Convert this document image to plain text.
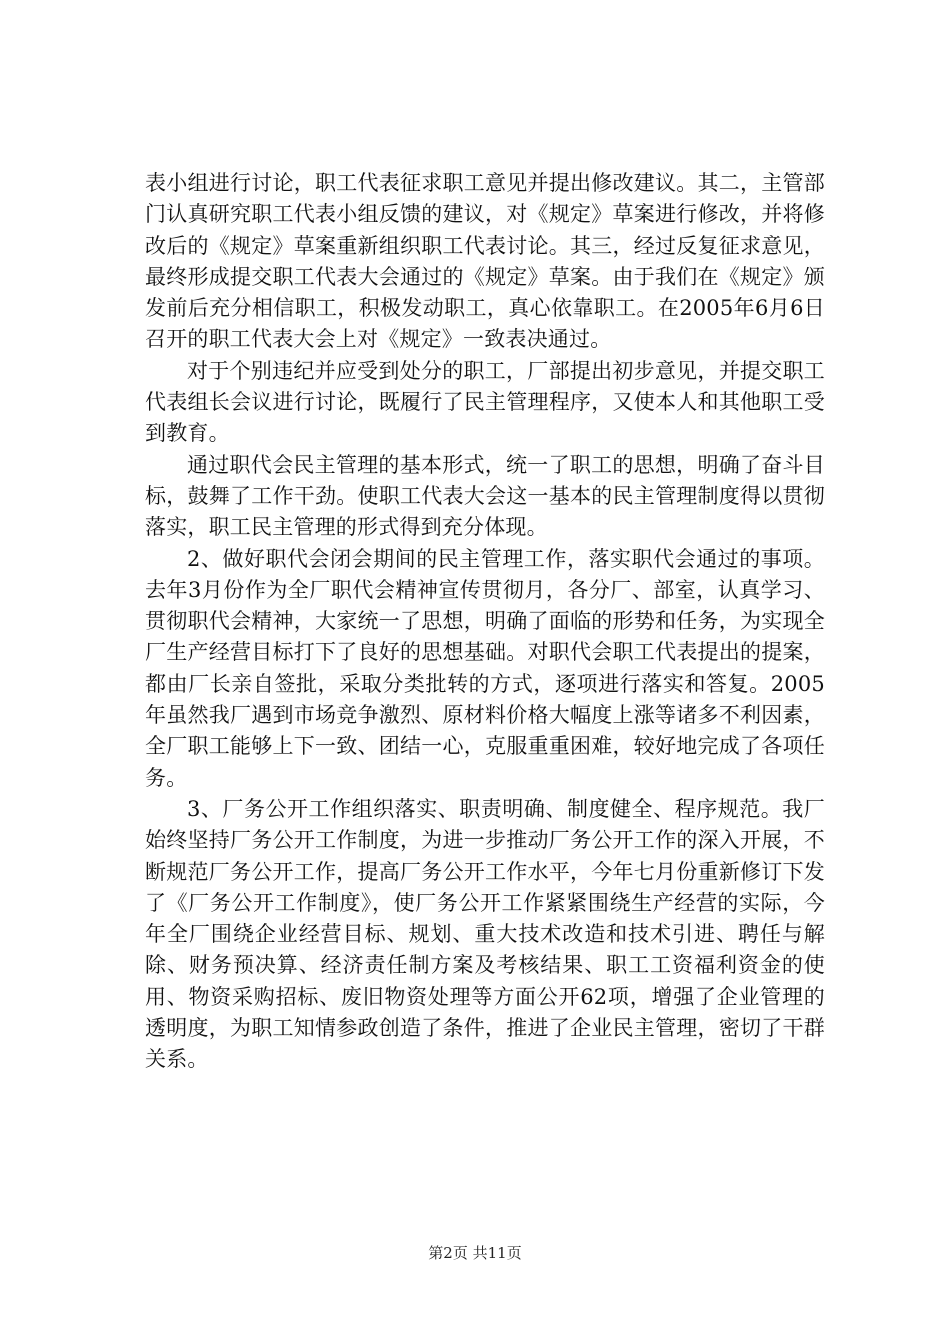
表小组进行讨论，职工代表征求职工意见并提出修改建议。其二，主管部门认真研究职工代表小组反馈的建议，对《规定》草案进行修改，并将修改后的《规定》草案重新组织职工代表讨论。其三，经过反复征求意见，最终形成提交职工代表大会通过的《规定》草案。由于我们在《规定》颁发前后充分相信职工，积极发动职工，真心依靠职工。在2005年6月6日召开的职工代表大会上对《规定》一致表决通过。

对于个别违纪并应受到处分的职工，厂部提出初步意见，并提交职工代表组长会议进行讨论，既履行了民主管理程序，又使本人和其他职工受到教育。

通过职代会民主管理的基本形式，统一了职工的思想，明确了奋斗目标，鼓舞了工作干劲。使职工代表大会这一基本的民主管理制度得以贯彻落实，职工民主管理的形式得到充分体现。

2、做好职代会闭会期间的民主管理工作，落实职代会通过的事项。去年3月份作为全厂职代会精神宣传贯彻月，各分厂、部室，认真学习、贯彻职代会精神，大家统一了思想，明确了面临的形势和任务，为实现全厂生产经营目标打下了良好的思想基础。对职代会职工代表提出的提案，都由厂长亲自签批，采取分类批转的方式，逐项进行落实和答复。2005年虽然我厂遇到市场竞争激烈、原材料价格大幅度上涨等诸多不利因素，全厂职工能够上下一致、团结一心，克服重重困难，较好地完成了各项任务。

3、厂务公开工作组织落实、职责明确、制度健全、程序规范。我厂始终坚持厂务公开工作制度，为进一步推动厂务公开工作的深入开展，不断规范厂务公开工作，提高厂务公开工作水平，今年七月份重新修订下发了《厂务公开工作制度》，使厂务公开工作紧紧围绕生产经营的实际，今年全厂围绕企业经营目标、规划、重大技术改造和技术引进、聘任与解除、财务预决算、经济责任制方案及考核结果、职工工资福利资金的使用、物资采购招标、废旧物资处理等方面公开62项，增强了企业管理的透明度，为职工知情参政创造了条件，推进了企业民主管理，密切了干群关系。

第2页 共11页
